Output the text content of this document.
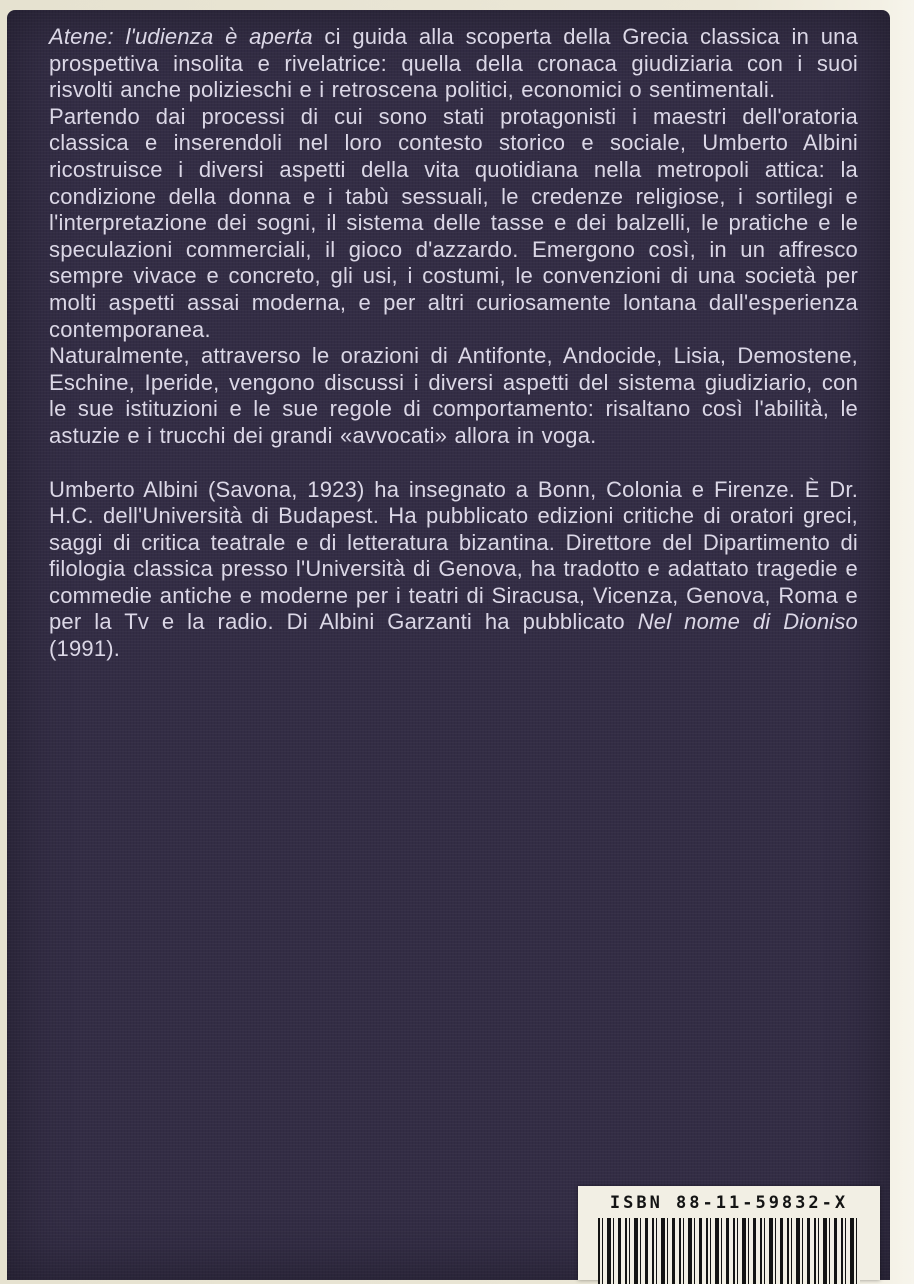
Atene: l'udienza è aperta ci guida alla scoperta della Grecia classica in una prospettiva insolita e rivelatrice: quella della cronaca giudiziaria con i suoi risvolti anche polizieschi e i retroscena politici, economici o sentimentali.

Partendo dai processi di cui sono stati protagonisti i maestri dell'oratoria classica e inserendoli nel loro contesto storico e sociale, Umberto Albini ricostruisce i diversi aspetti della vita quotidiana nella metropoli attica: la condizione della donna e i tabù sessuali, le credenze religiose, i sortilegi e l'interpretazione dei sogni, il sistema delle tasse e dei balzelli, le pratiche e le speculazioni commerciali, il gioco d'azzardo. Emergono così, in un affresco sempre vivace e concreto, gli usi, i costumi, le convenzioni di una società per molti aspetti assai moderna, e per altri curiosamente lontana dall'esperienza contemporanea.

Naturalmente, attraverso le orazioni di Antifonte, Andocide, Lisia, Demostene, Eschine, Iperide, vengono discussi i diversi aspetti del sistema giudiziario, con le sue istituzioni e le sue regole di comportamento: risaltano così l'abilità, le astuzie e i trucchi dei grandi «avvocati» allora in voga.

Umberto Albini (Savona, 1923) ha insegnato a Bonn, Colonia e Firenze. È Dr. H.C. dell'Università di Budapest. Ha pubblicato edizioni critiche di oratori greci, saggi di critica teatrale e di letteratura bizantina. Direttore del Dipartimento di filologia classica presso l'Università di Genova, ha tradotto e adattato tragedie e commedie antiche e moderne per i teatri di Siracusa, Vicenza, Genova, Roma e per la Tv e la radio. Di Albini Garzanti ha pubblicato Nel nome di Dioniso (1991).

ISBN 88-11-59832-X
